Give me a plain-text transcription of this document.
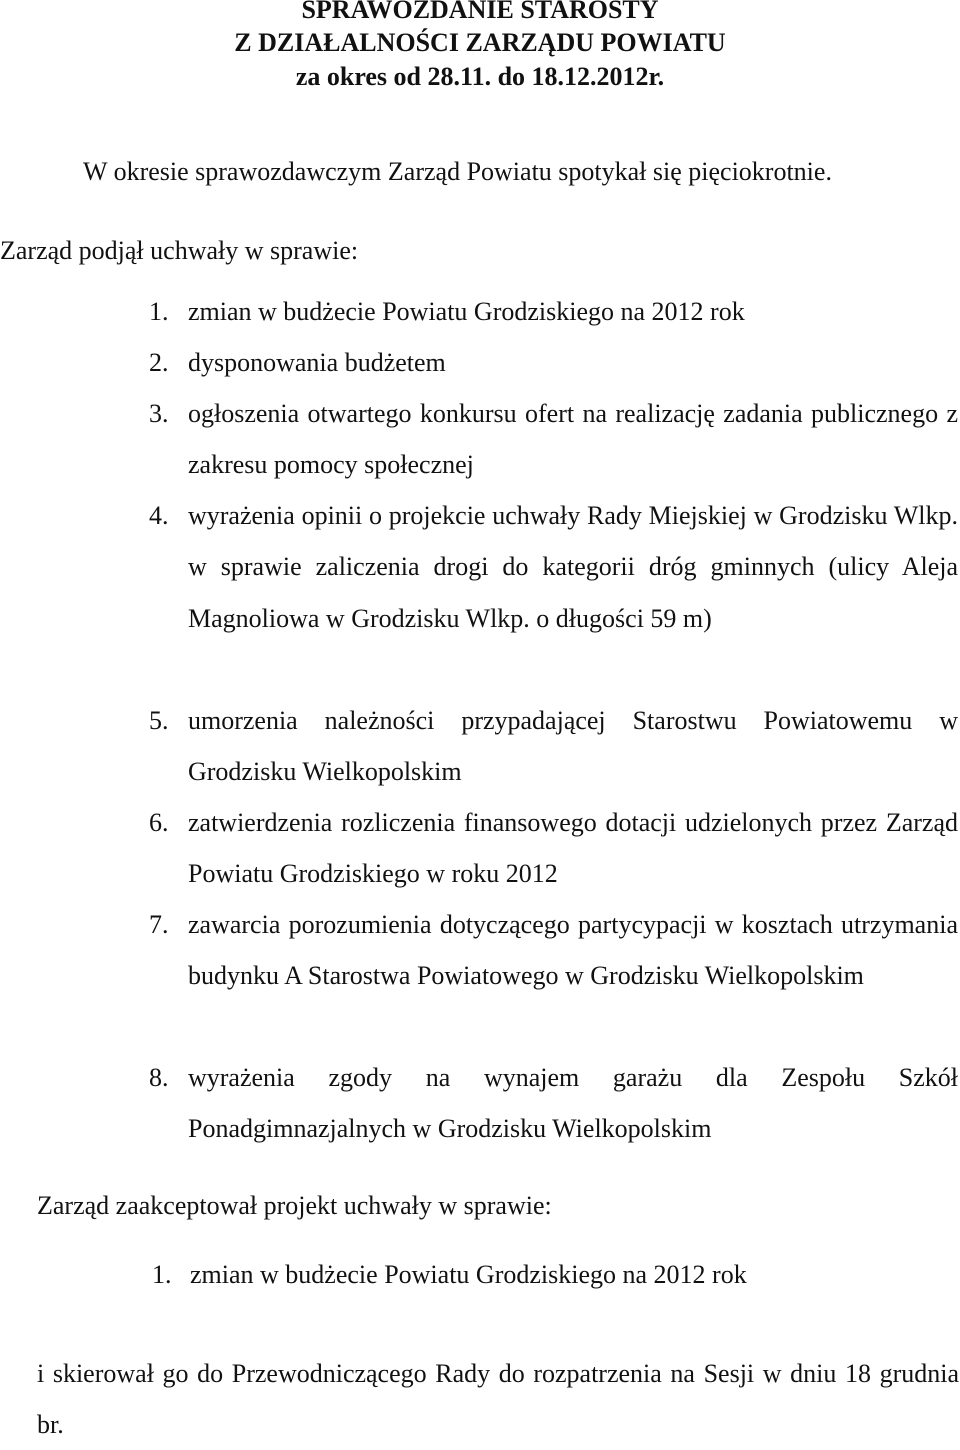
SPRAWOZDANIE STAROSTY
Z DZIAŁALNOŚCI ZARZĄDU POWIATU
za okres od 28.11. do 18.12.2012r.

W okresie sprawozdawczym Zarząd Powiatu spotykał się pięciokrotnie.

Zarząd podjął uchwały w sprawie:

1. zmian w budżecie Powiatu Grodziskiego na 2012 rok
2. dysponowania budżetem
3. ogłoszenia otwartego konkursu ofert na realizację zadania publicznego z zakresu pomocy społecznej
4. wyrażenia opinii o projekcie uchwały Rady Miejskiej w Grodzisku Wlkp. w sprawie zaliczenia drogi do kategorii dróg gminnych (ulicy Aleja Magnoliowa w Grodzisku Wlkp. o długości 59 m)
5. umorzenia należności przypadającej Starostwu Powiatowemu w Grodzisku Wielkopolskim
6. zatwierdzenia rozliczenia finansowego dotacji udzielonych przez Zarząd Powiatu Grodziskiego w roku 2012
7. zawarcia porozumienia dotyczącego partycypacji w kosztach utrzymania budynku A Starostwa Powiatowego w Grodzisku Wielkopolskim
8. wyrażenia zgody na wynajem garażu dla Zespołu Szkół Ponadgimnazjalnych w Grodzisku Wielkopolskim

Zarząd zaakceptował projekt uchwały w sprawie:

1. zmian w budżecie Powiatu Grodziskiego na 2012 rok

i skierował go do Przewodniczącego Rady do rozpatrzenia na Sesji w dniu 18 grudnia br.
